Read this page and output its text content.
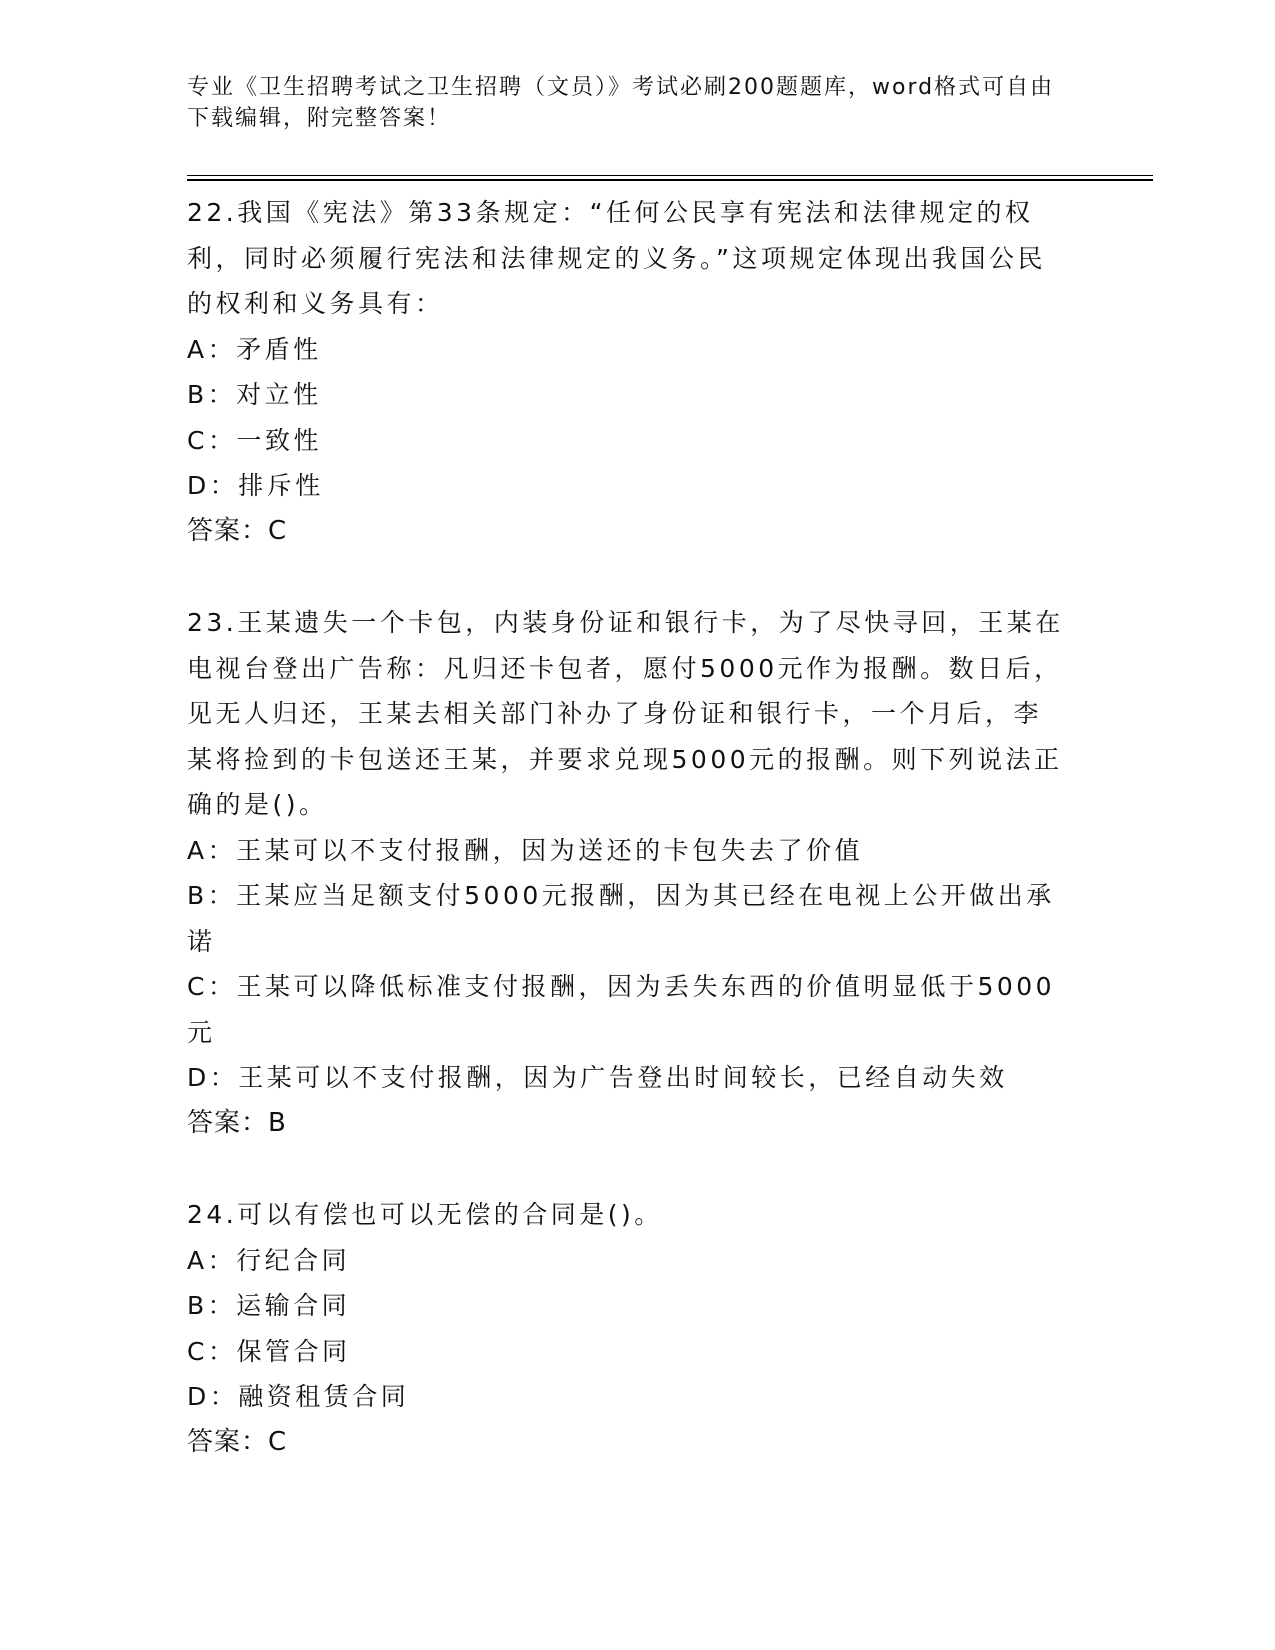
专业《卫生招聘考试之卫生招聘（文员）》考试必刷200题题库，word格式可自由下载编辑，附完整答案！
22.我国《宪法》第33条规定：“任何公民享有宪法和法律规定的权利，同时必须履行宪法和法律规定的义务。”这项规定体现出我国公民的权利和义务具有：
A：矛盾性
B：对立性
C：一致性
D：排斥性
答案：C
23.王某遗失一个卡包，内装身份证和银行卡，为了尽快寻回，王某在电视台登出广告称：凡归还卡包者，愿付5000元作为报酬。数日后，见无人归还，王某去相关部门补办了身份证和银行卡，一个月后，李某将捡到的卡包送还王某，并要求兑现5000元的报酬。则下列说法正确的是()。
A：王某可以不支付报酬，因为送还的卡包失去了价值
B：王某应当足额支付5000元报酬，因为其已经在电视上公开做出承诺
C：王某可以降低标准支付报酬，因为丢失东西的价值明显低于5000元
D：王某可以不支付报酬，因为广告登出时间较长，已经自动失效
答案：B
24.可以有偿也可以无偿的合同是()。
A：行纪合同
B：运输合同
C：保管合同
D：融资租赁合同
答案：C
